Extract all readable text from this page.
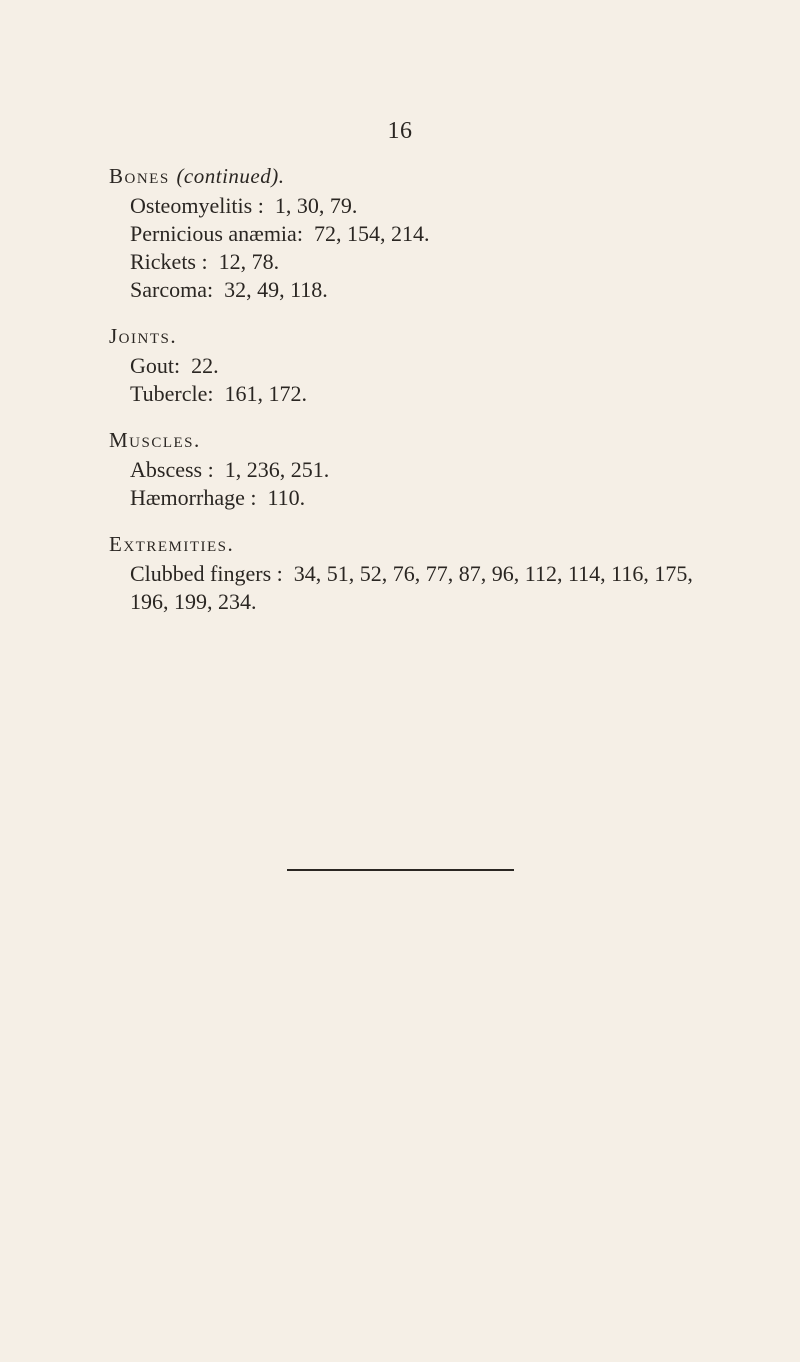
16
Bones (continued).
Osteomyelitis :  1, 30, 79.
Pernicious anæmia:  72, 154, 214.
Rickets :  12, 78.
Sarcoma:  32, 49, 118.
Joints.
Gout:  22.
Tubercle:  161, 172.
Muscles.
Abscess :  1, 236, 251.
Hæmorrhage :  110.
Extremities.
Clubbed fingers :  34, 51, 52, 76, 77, 87, 96, 112, 114, 116, 175,
196, 199, 234.
